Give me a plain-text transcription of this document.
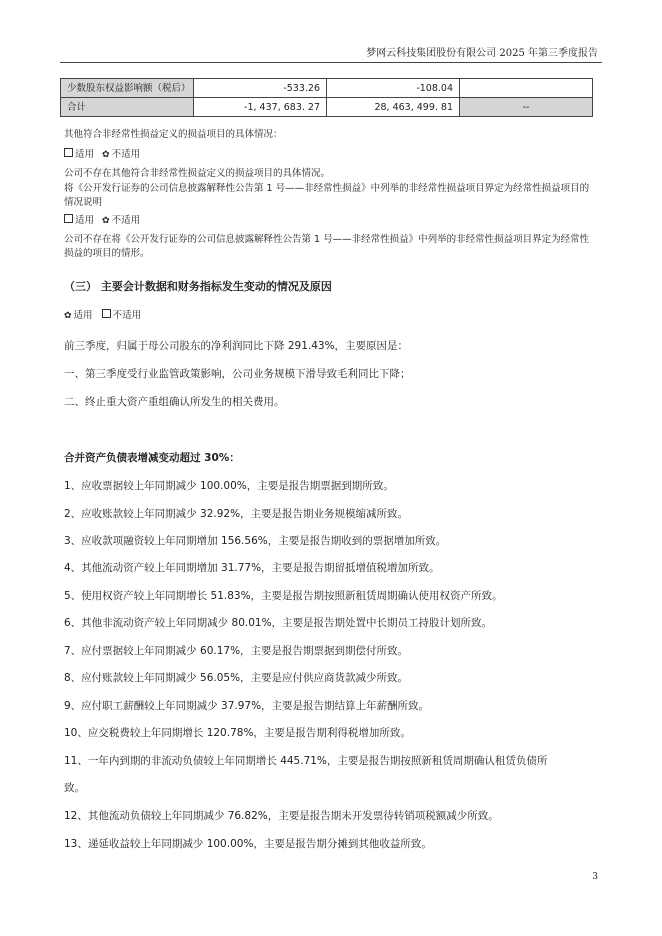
梦网云科技集团股份有限公司 2025 年第三季度报告
少数股东权益影响额（税后）	-533.26	-108.04	
合计	-1, 437, 683. 27	28, 463, 499. 81	--
其他符合非经常性损益定义的损益项目的具体情况：
适用 ✿ 不适用
公司不存在其他符合非经常性损益定义的损益项目的具体情况。
将《公开发行证券的公司信息披露解释性公告第 1 号——非经常性损益》中列举的非经常性损益项目界定为经常性损益项目的情况说明
适用 ✿ 不适用
公司不存在将《公开发行证券的公司信息披露解释性公告第 1 号——非经常性损益》中列举的非经常性损益项目界定为经常性损益的项目的情形。
（三） 主要会计数据和财务指标发生变动的情况及原因
✿ 适用 不适用
前三季度，归属于母公司股东的净利润同比下降 291.43%，主要原因是：
一、第三季度受行业监管政策影响，公司业务规模下滑导致毛利同比下降；
二、终止重大资产重组确认所发生的相关费用。
合并资产负债表增减变动超过 30%：
1、应收票据较上年同期减少 100.00%，主要是报告期票据到期所致。
2、应收账款较上年同期减少 32.92%，主要是报告期业务规模缩减所致。
3、应收款项融资较上年同期增加 156.56%，主要是报告期收到的票据增加所致。
4、其他流动资产较上年同期增加 31.77%，主要是报告期留抵增值税增加所致。
5、使用权资产较上年同期增长 51.83%，主要是报告期按照新租赁周期确认使用权资产所致。
6、其他非流动资产较上年同期减少 80.01%，主要是报告期处置中长期员工持股计划所致。
7、应付票据较上年同期减少 60.17%，主要是报告期票据到期偿付所致。
8、应付账款较上年同期减少 56.05%，主要是应付供应商货款减少所致。
9、应付职工薪酬较上年同期减少 37.97%，主要是报告期结算上年薪酬所致。
10、应交税费较上年同期增长 120.78%，主要是报告期利得税增加所致。
11、一年内到期的非流动负债较上年同期增长 445.71%，主要是报告期按照新租赁周期确认租赁负债所
致。
12、其他流动负债较上年同期减少 76.82%，主要是报告期未开发票待转销项税额减少所致。
13、递延收益较上年同期减少 100.00%，主要是报告期分摊到其他收益所致。
3
